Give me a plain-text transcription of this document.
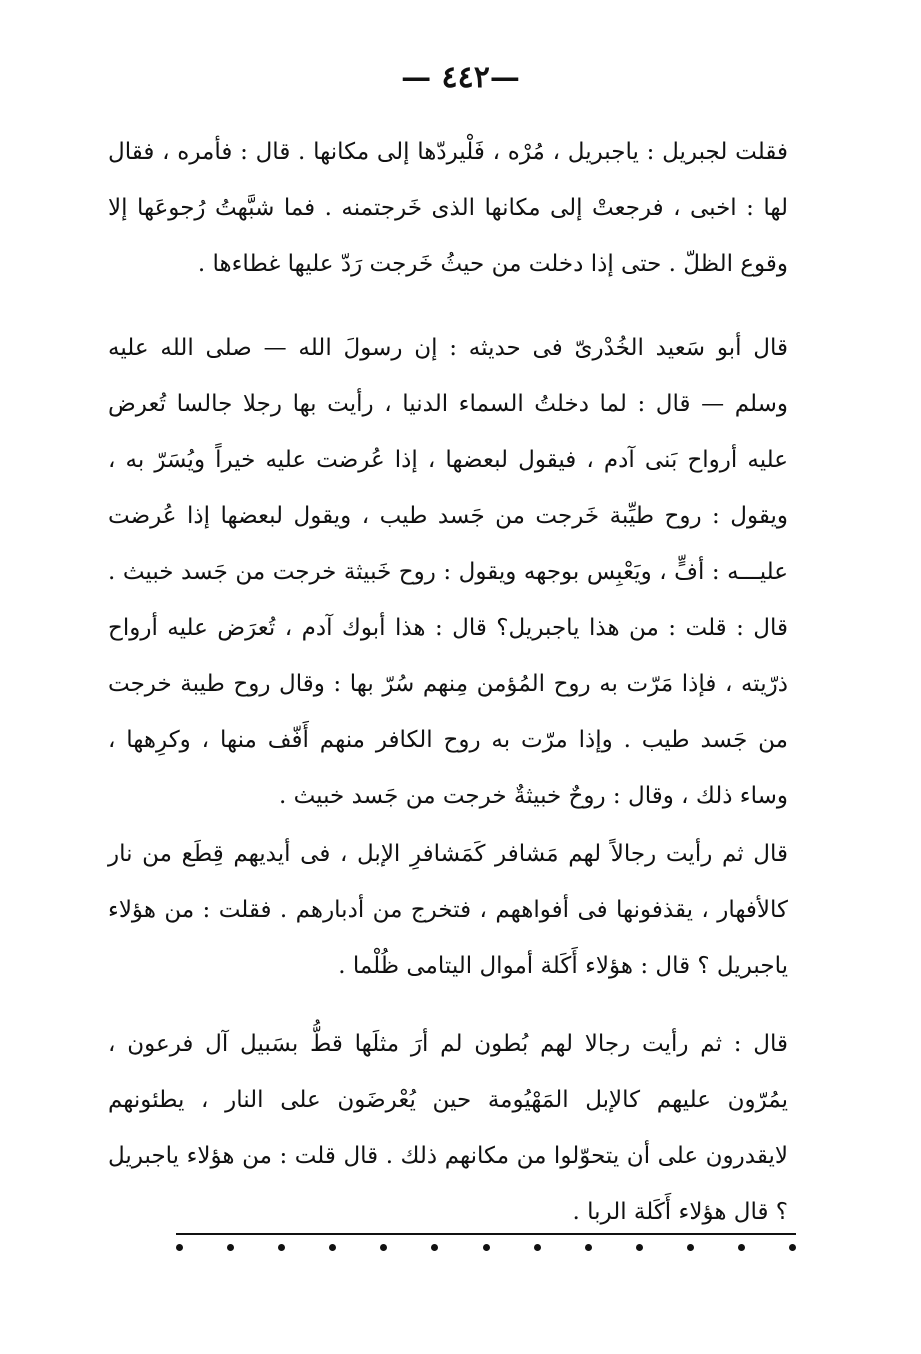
— ٤٤٢—

فقلت لجبريل : ياجبريل ، مُرْه ، فَلْيردّها إلى مكانها . قال : فأمره ، فقال لها : اخبى ، فرجعتْ إلى مكانها الذى خَرجتمنه . فما شبَّهتُ رُجوعَها إلا وقوع الظلّ . حتى إذا دخلت من حيثُ خَرجت رَدّ عليها غطاءها .

قال أبو سَعيد الخُدْرىّ فى حديثه : إن رسولَ الله — صلى الله عليه وسلم — قال : لما دخلتُ السماء الدنيا ، رأيت بها رجلا جالسا تُعرض عليه أرواح بَنى آدم ، فيقول لبعضها ، إذا عُرضت عليه خيراً ويُسَرّ به ، ويقول : روح طيِّبة خَرجت من جَسد طيب ، ويقول لبعضها إذا عُرضت عليـــه : أفٍّ ، ويَعْبِس بوجهه ويقول : روح خَبيثة خرجت من جَسد خبيث . قال : قلت : من هذا ياجبريل؟ قال : هذا أبوك آدم ، تُعرَض عليه أرواح ذرّيته ، فإذا مَرّت به روح المُؤمن مِنهم سُرّ بها : وقال روح طيبة خرجت من جَسد طيب . وإذا مرّت به روح الكافر منهم أَفّف منها ، وكرِهها ، وساء ذلك ، وقال : روحٌ خبيثةٌ خرجت من جَسد خبيث .

قال ثم رأيت رجالاً لهم مَشافر كَمَشافرِ الإبل ، فى أيديهم قِطَع من نار كالأفهار ، يقذفونها فى أفواههم ، فتخرج من أدبارهم . فقلت : من هؤلاء ياجبريل ؟ قال : هؤلاء أَكَلة أموال اليتامى ظُلْما .

قال : ثم رأيت رجالا لهم بُطون لم أرَ مثلَها قطُّ بسَبيل آل فرعون ، يمُرّون عليهم كالإبل المَهْيُومة حين يُعْرضَون على النار ، يطئونهم لايقدرون على أن يتحوّلوا من مكانهم ذلك . قال قلت : من هؤلاء ياجبريل ؟ قال هؤلاء أَكَلة الربا .
